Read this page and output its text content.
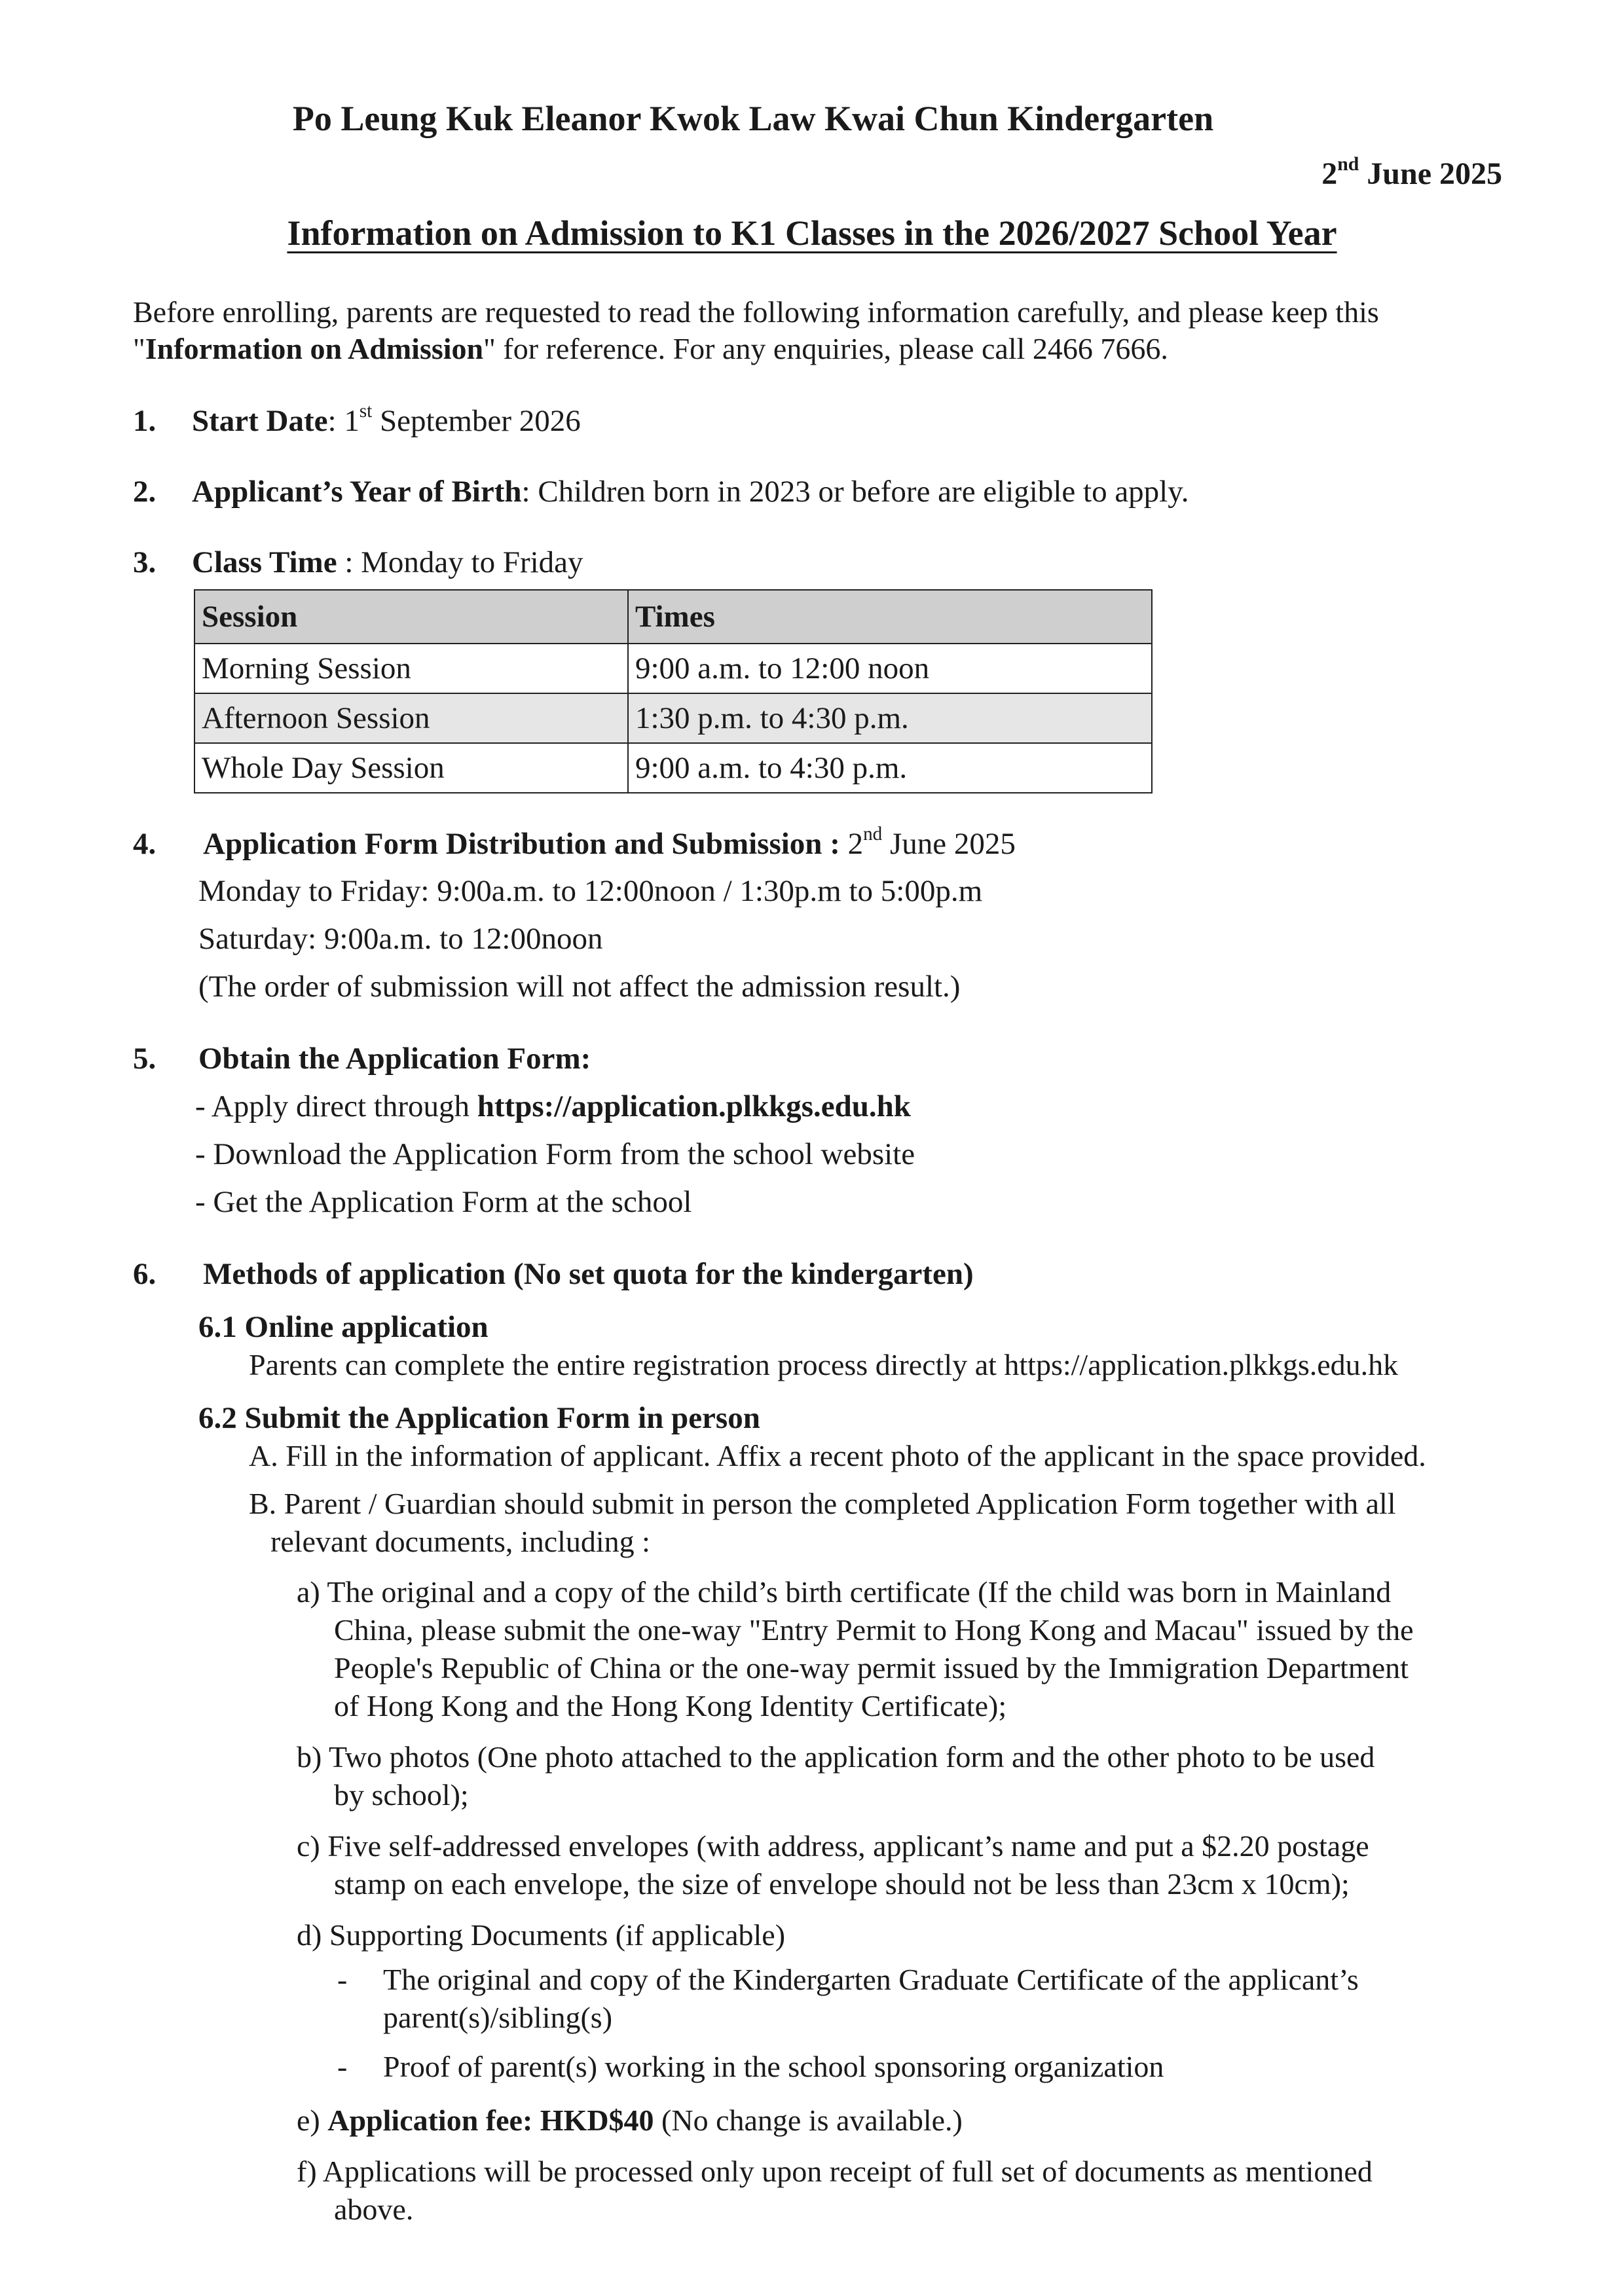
Po Leung Kuk Eleanor Kwok Law Kwai Chun Kindergarten
2nd June 2025
Information on Admission to K1 Classes in the 2026/2027 School Year
Before enrolling, parents are requested to read the following information carefully, and please keep this
"Information on Admission" for reference. For any enquiries, please call 2466 7666.
1. Start Date: 1st September 2026
2. Applicant’s Year of Birth: Children born in 2023 or before are eligible to apply.
3. Class Time : Monday to Friday
Session	Times
Morning Session	9:00 a.m. to 12:00 noon
Afternoon Session	1:30 p.m. to 4:30 p.m.
Whole Day Session	9:00 a.m. to 4:30 p.m.
4. Application Form Distribution and Submission : 2nd June 2025
Monday to Friday: 9:00a.m. to 12:00noon / 1:30p.m to 5:00p.m
Saturday: 9:00a.m. to 12:00noon
(The order of submission will not affect the admission result.)
5. Obtain the Application Form:
- Apply direct through https://application.plkkgs.edu.hk
- Download the Application Form from the school website
- Get the Application Form at the school
6. Methods of application (No set quota for the kindergarten)
6.1 Online application
Parents can complete the entire registration process directly at https://application.plkkgs.edu.hk
6.2 Submit the Application Form in person
A. Fill in the information of applicant. Affix a recent photo of the applicant in the space provided.
B. Parent / Guardian should submit in person the completed Application Form together with all
relevant documents, including :
a) The original and a copy of the child’s birth certificate (If the child was born in Mainland
China, please submit the one-way "Entry Permit to Hong Kong and Macau" issued by the
People's Republic of China or the one-way permit issued by the Immigration Department
of Hong Kong and the Hong Kong Identity Certificate);
b) Two photos (One photo attached to the application form and the other photo to be used
by school);
c) Five self-addressed envelopes (with address, applicant’s name and put a $2.20 postage
stamp on each envelope, the size of envelope should not be less than 23cm x 10cm);
d) Supporting Documents (if applicable)
- The original and copy of the Kindergarten Graduate Certificate of the applicant’s
parent(s)/sibling(s)
- Proof of parent(s) working in the school sponsoring organization
e) Application fee: HKD$40 (No change is available.)
f) Applications will be processed only upon receipt of full set of documents as mentioned
above.
